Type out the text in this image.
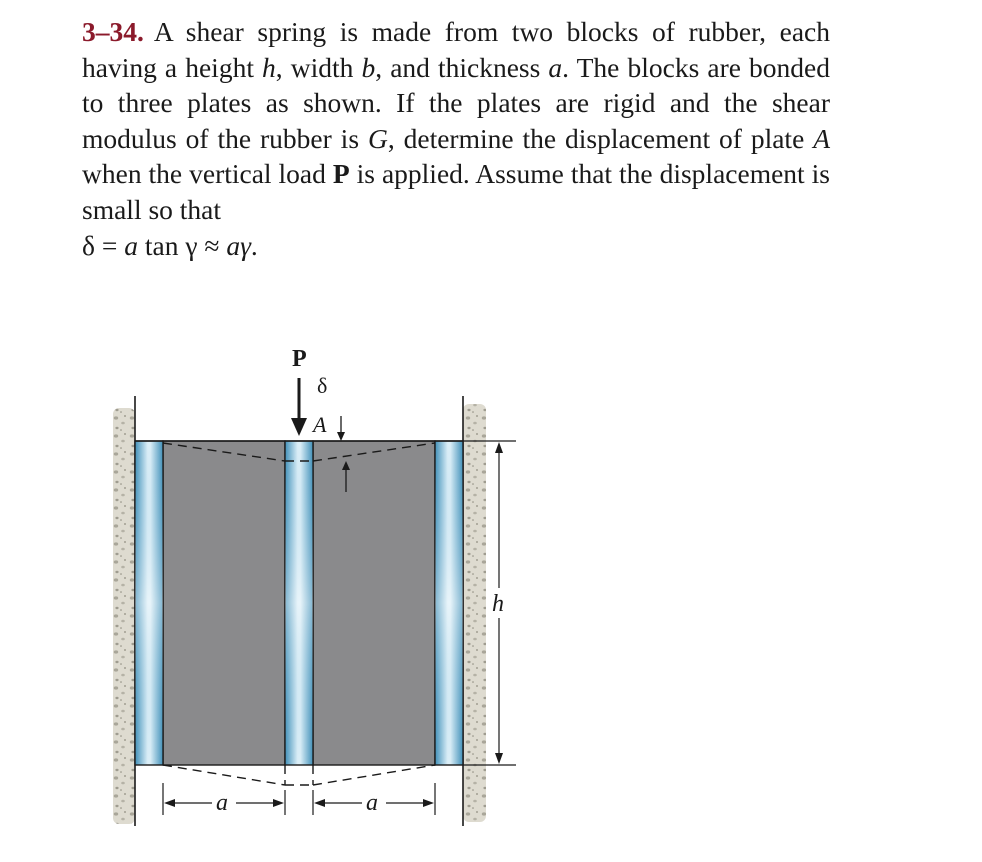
3–34. A shear spring is made from two blocks of rubber, each having a height h, width b, and thickness a. The blocks are bonded to three plates as shown. If the plates are rigid and the shear modulus of the rubber is G, determine the displacement of plate A when the vertical load P is applied. Assume that the displacement is small so that
δ = a tan γ ≈ aγ.
P
δ
A
h
a	a
